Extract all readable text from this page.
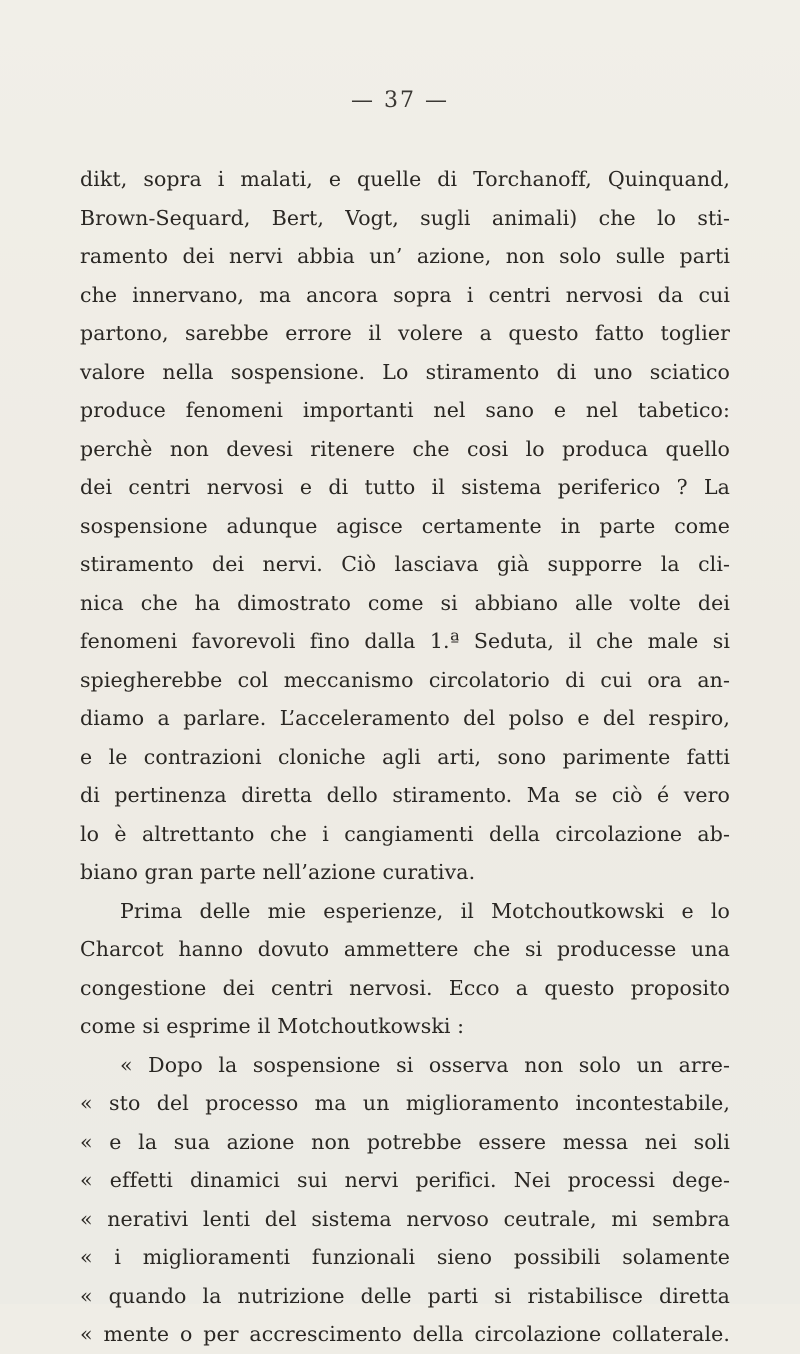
— 37 —
dikt, sopra i malati, e quelle di Torchanoff, Quinquand,
Brown-Sequard, Bert, Vogt, sugli animali) che lo sti-
ramento dei nervi abbia un’ azione, non solo sulle parti
che innervano, ma ancora sopra i centri nervosi da cui
partono, sarebbe errore il volere a questo fatto toglier
valore nella sospensione. Lo stiramento di uno sciatico
produce fenomeni importanti nel sano e nel tabetico:
perchè non devesi ritenere che cosi lo produca quello
dei centri nervosi e di tutto il sistema periferico ? La
sospensione adunque agisce certamente in parte come
stiramento dei nervi. Ciò lasciava già supporre la cli-
nica che ha dimostrato come si abbiano alle volte dei
fenomeni favorevoli fino dalla 1.ª Seduta, il che male si
spiegherebbe col meccanismo circolatorio di cui ora an-
diamo a parlare. L’acceleramento del polso e del respiro,
e le contrazioni cloniche agli arti, sono parimente fatti
di pertinenza diretta dello stiramento. Ma se ciò é vero
lo è altrettanto che i cangiamenti della circolazione ab-
biano gran parte nell’azione curativa.
Prima delle mie esperienze, il Motchoutkowski e lo
Charcot hanno dovuto ammettere che si producesse una
congestione dei centri nervosi. Ecco a questo proposito
come si esprime il Motchoutkowski :
« Dopo la sospensione si osserva non solo un arre-
« sto del processo ma un miglioramento incontestabile,
« e la sua azione non potrebbe essere messa nei soli
« effetti dinamici sui nervi perifici. Nei processi dege-
« nerativi lenti del sistema nervoso ceutrale, mi sembra
« i miglioramenti funzionali sieno possibili solamente
« quando la nutrizione delle parti si ristabilisce diretta
« mente o per accrescimento della circolazione collaterale.
